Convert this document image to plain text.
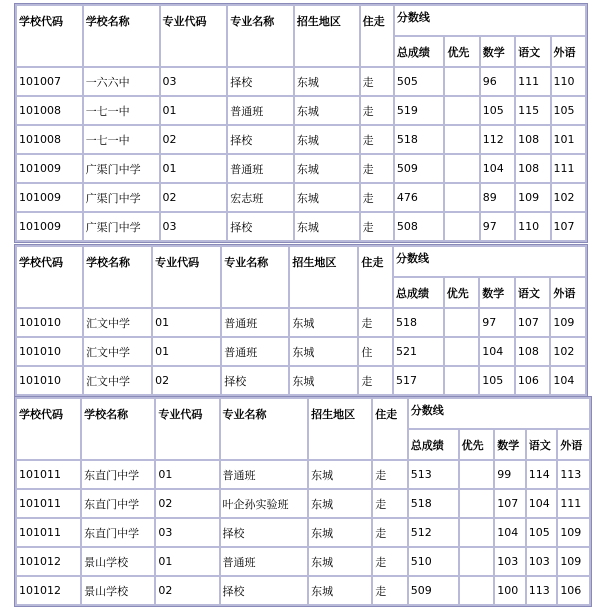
学校代码	学校名称	专业代码	专业名称	招生地区	住走	分数线				
						总成绩	优先	数学	语文	外语
101007	一六六中	03	择校	东城	走	505		96	111	110
101008	一七一中	01	普通班	东城	走	519		105	115	105
101008	一七一中	02	择校	东城	走	518		112	108	101
101009	广渠门中学	01	普通班	东城	走	509		104	108	111
101009	广渠门中学	02	宏志班	东城	走	476		89	109	102
101009	广渠门中学	03	择校	东城	走	508		97	110	107
学校代码	学校名称	专业代码	专业名称	招生地区	住走	分数线				
						总成绩	优先	数学	语文	外语
101010	汇文中学	01	普通班	东城	走	518		97	107	109
101010	汇文中学	01	普通班	东城	住	521		104	108	102
101010	汇文中学	02	择校	东城	走	517		105	106	104
学校代码	学校名称	专业代码	专业名称	招生地区	住走	分数线				
						总成绩	优先	数学	语文	外语
101011	东直门中学	01	普通班	东城	走	513		99	114	113
101011	东直门中学	02	叶企孙实验班	东城	走	518		107	104	111
101011	东直门中学	03	择校	东城	走	512		104	105	109
101012	景山学校	01	普通班	东城	走	510		103	103	109
101012	景山学校	02	择校	东城	走	509		100	113	106
